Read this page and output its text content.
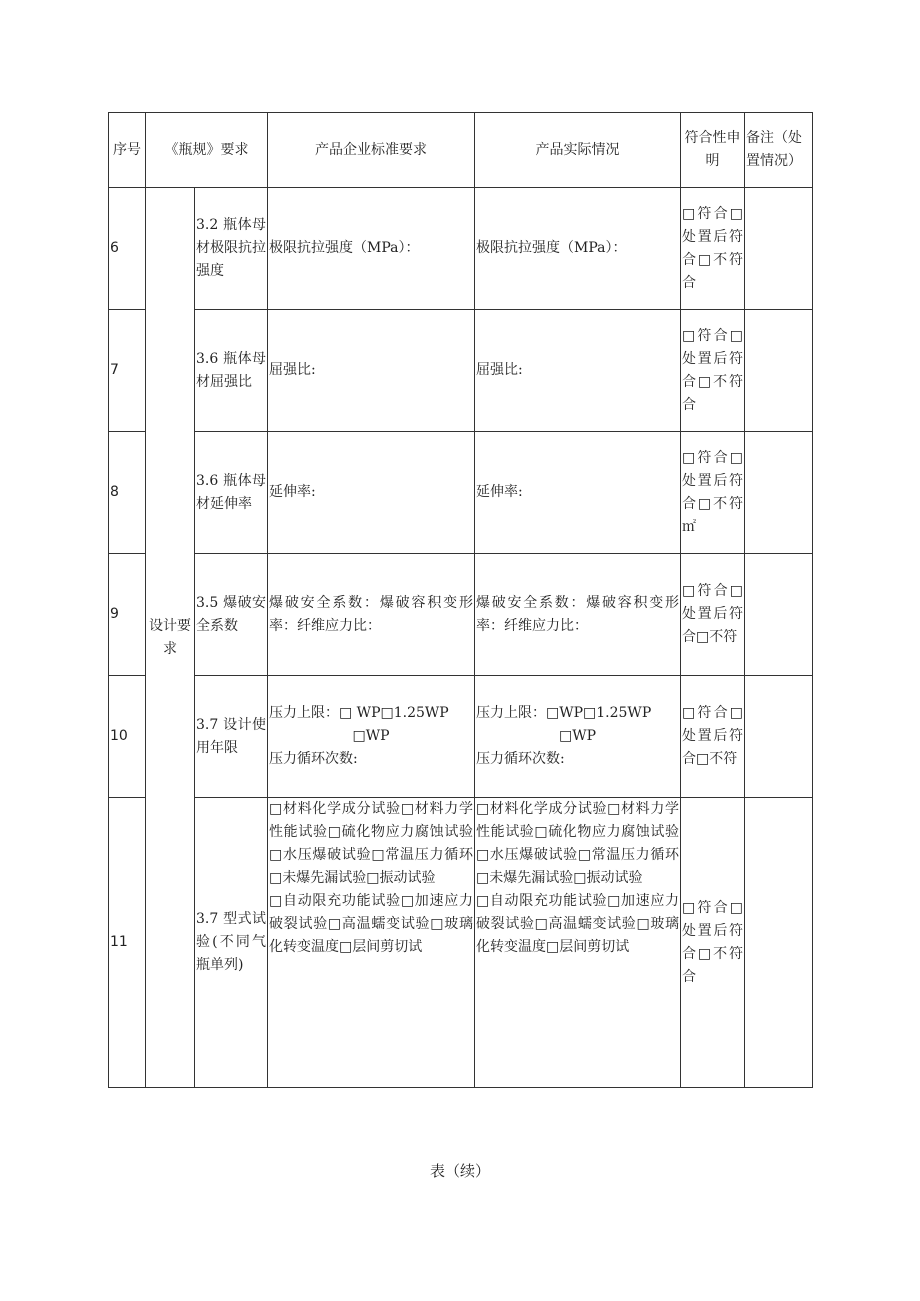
序号	《瓶规》要求		产品企业标准要求	产品实际情况	符合性申明	备注（处置情况）
6	设计要求	3.2 瓶体母材极限抗拉强度	极限抗拉强度（MPa）：	极限抗拉强度（MPa）：	□符合□处置后符合□不符合	
7		3.6 瓶体母材屈强比	屈强比:	屈强比:	□符合□处置后符合□不符合	
8		3.6 瓶体母材延伸率	延伸率:	延伸率:	□符合□处置后符合□不符㎡	
9		3.5 爆破安全系数	爆破安全系数：爆破容积变形率：纤维应力比：	爆破安全系数：爆破容积变形率：纤维应力比：	□符合□处置后符合□不符	
10		3.7 设计使用年限	压力上限：□ WP□1.25WP
□WP
压力循环次数:	压力上限：□WP□1.25WP
□WP
压力循环次数:	□符合□处置后符合□不符	
11		3.7 型式试验(不同气瓶单列)	□材料化学成分试验□材料力学性能试验□硫化物应力腐蚀试验□水压爆破试验□常温压力循环□未爆先漏试验□振动试验
□自动限充功能试验□加速应力破裂试验□高温蠕变试验□玻璃化转变温度□层间剪切试	□材料化学成分试验□材料力学性能试验□硫化物应力腐蚀试验□水压爆破试验□常温压力循环□未爆先漏试验□振动试验
□自动限充功能试验□加速应力破裂试验□高温蠕变试验□玻璃化转变温度□层间剪切试	□符合□处置后符合□不符合	
表（续）
